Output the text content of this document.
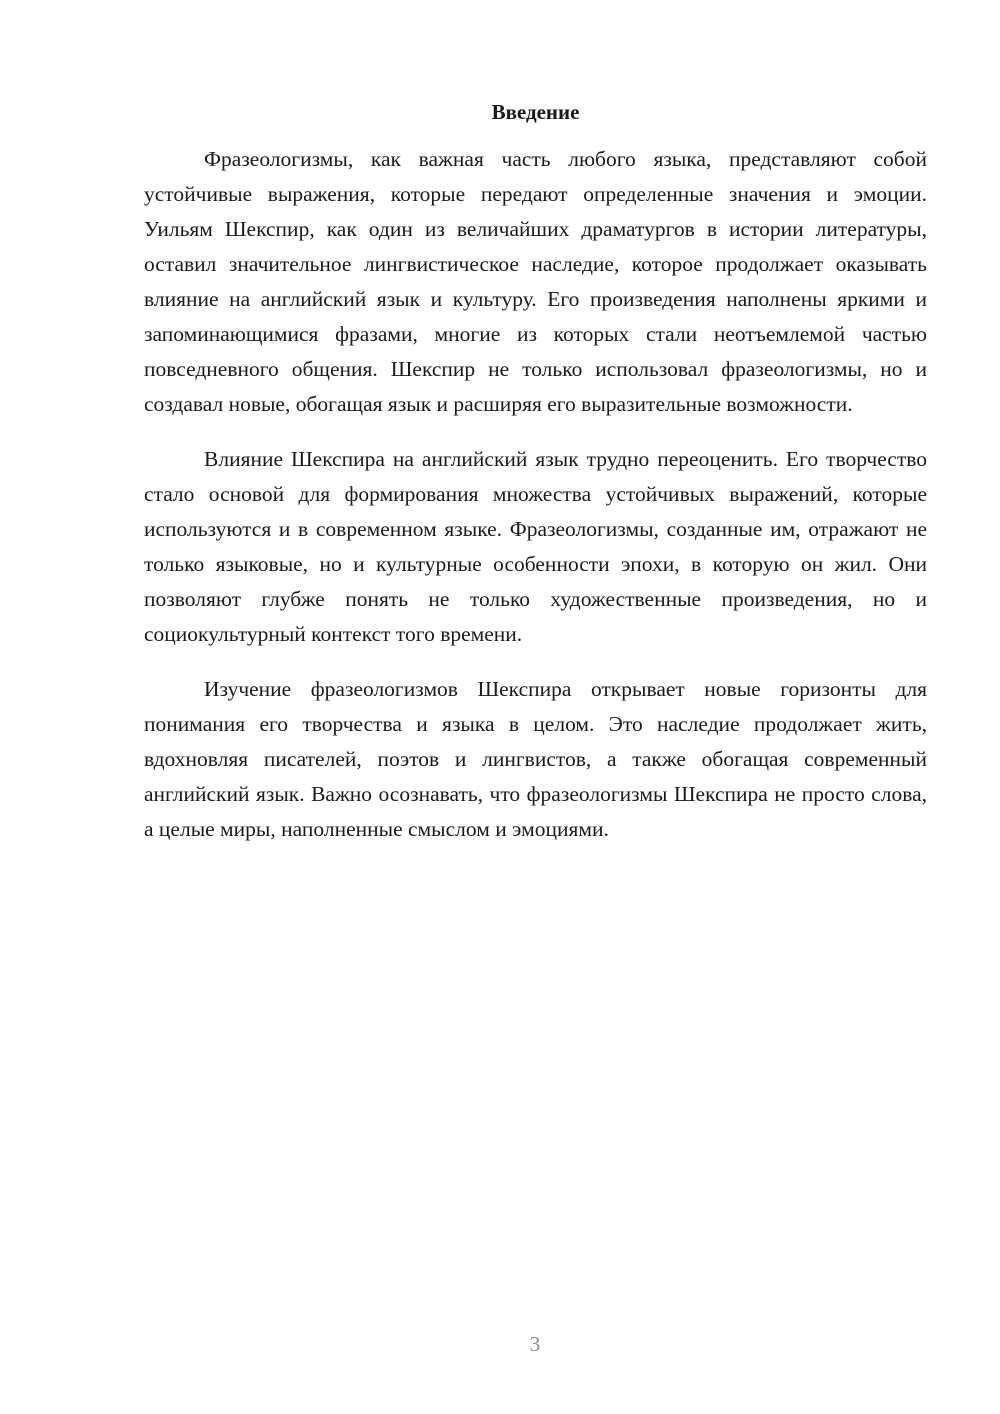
Введение

Фразеологизмы, как важная часть любого языка, представляют собой устойчивые выражения, которые передают определенные значения и эмоции. Уильям Шекспир, как один из величайших драматургов в истории литературы, оставил значительное лингвистическое наследие, которое продолжает оказывать влияние на английский язык и культуру. Его произведения наполнены яркими и запоминающимися фразами, многие из которых стали неотъемлемой частью повседневного общения. Шекспир не только использовал фразеологизмы, но и создавал новые, обогащая язык и расширяя его выразительные возможности.

Влияние Шекспира на английский язык трудно переоценить. Его творчество стало основой для формирования множества устойчивых выражений, которые используются и в современном языке. Фразеологизмы, созданные им, отражают не только языковые, но и культурные особенности эпохи, в которую он жил. Они позволяют глубже понять не только художественные произведения, но и социокультурный контекст того времени.

Изучение фразеологизмов Шекспира открывает новые горизонты для понимания его творчества и языка в целом. Это наследие продолжает жить, вдохновляя писателей, поэтов и лингвистов, а также обогащая современный английский язык. Важно осознавать, что фразеологизмы Шекспира не просто слова, а целые миры, наполненные смыслом и эмоциями.

3
